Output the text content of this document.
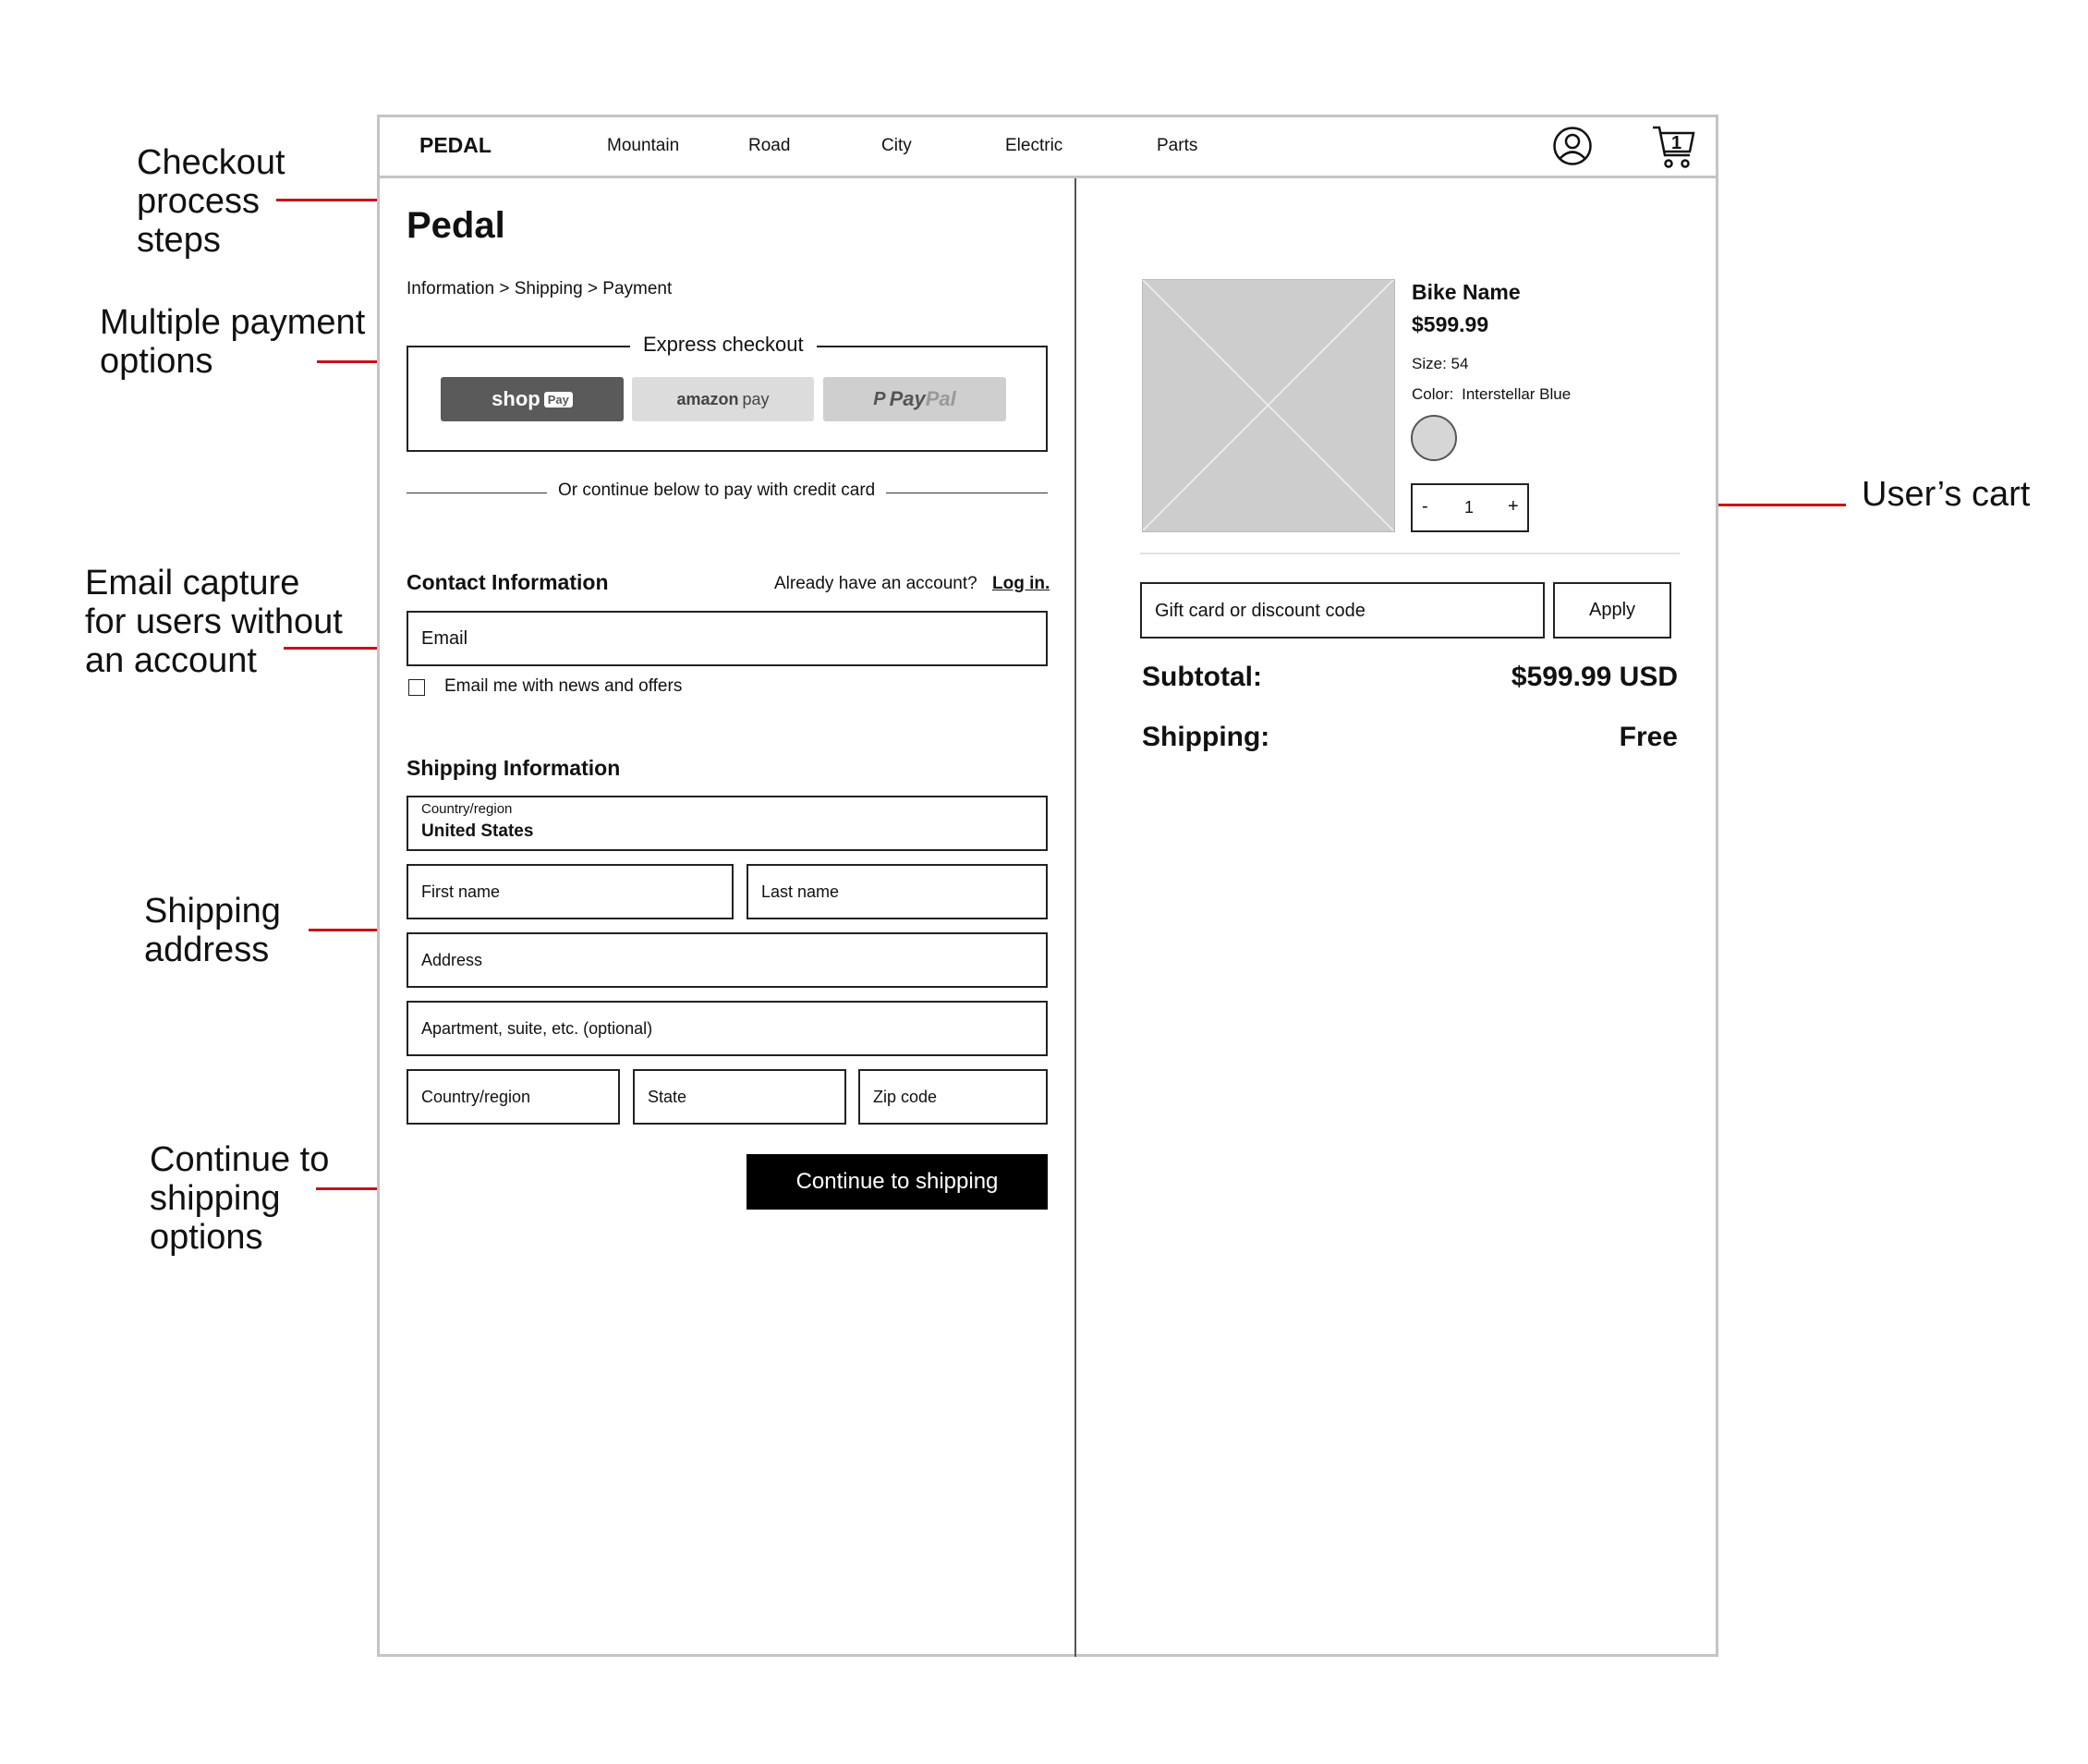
Checkout
process
steps
Multiple payment
options
Email capture
for users without
an account
Shipping
address
Continue to
shipping
options
User’s cart
PEDAL	Mountain	Road	City	Electric	Parts	1
Pedal
Information > Shipping > Payment
Express checkout
shop Pay	amazon pay	P Pay Pal
Or continue below to pay with credit card
Contact Information	Already have an account? Log in.
Email
Email me with news and offers
Shipping Information
Country/region
United States
First name	Last name
Address
Apartment, suite, etc. (optional)
Country/region	State	Zip code
Continue to shipping
Bike Name
$599.99
Size: 54
Color: Interstellar Blue
- 1 +
Gift card or discount code	Apply
Subtotal:	$599.99 USD
Shipping:	Free
